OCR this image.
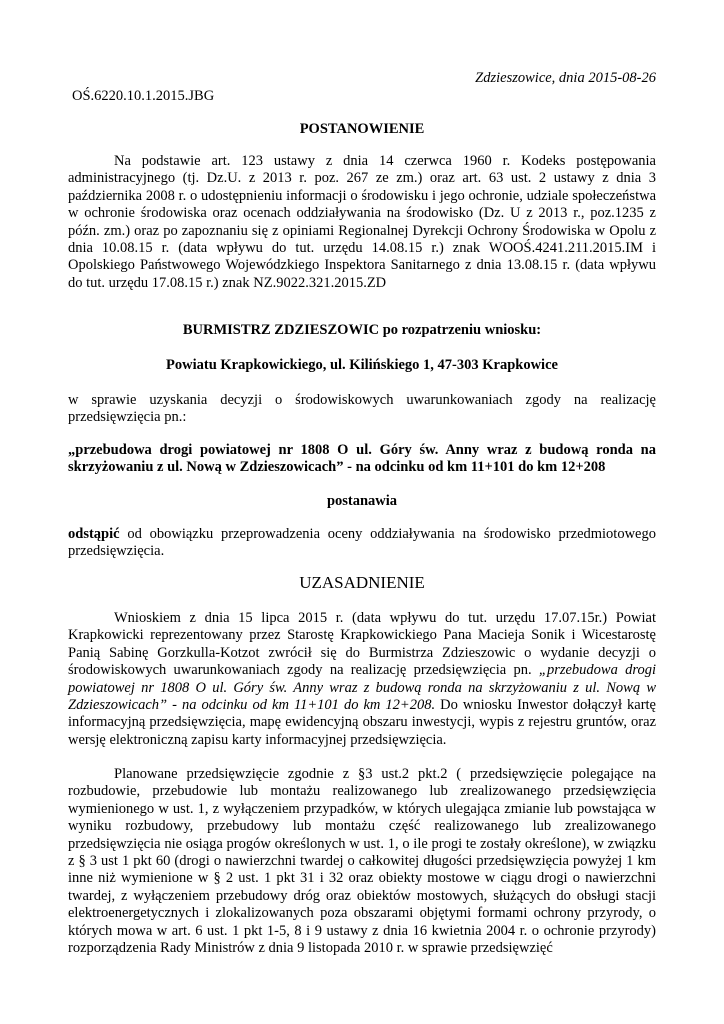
Zdzieszowice, dnia 2015-08-26

OŚ.6220.10.1.2015.JBG

POSTANOWIENIE

Na podstawie art. 123 ustawy z dnia 14 czerwca 1960 r. Kodeks postępowania administracyjnego (tj. Dz.U. z 2013 r. poz. 267 ze zm.) oraz art. 63 ust. 2 ustawy z dnia 3 października 2008 r. o udostępnieniu informacji o środowisku i jego ochronie, udziale społeczeństwa w ochronie środowiska oraz ocenach oddziaływania na środowisko (Dz. U z 2013 r., poz.1235 z późn. zm.) oraz po zapoznaniu się z opiniami Regionalnej Dyrekcji Ochrony Środowiska w Opolu z dnia 10.08.15 r. (data wpływu do tut. urzędu 14.08.15 r.) znak WOOŚ.4241.211.2015.IM i Opolskiego Państwowego Wojewódzkiego Inspektora Sanitarnego z dnia 13.08.15 r. (data wpływu do tut. urzędu 17.08.15 r.) znak NZ.9022.321.2015.ZD

BURMISTRZ ZDZIESZOWIC po rozpatrzeniu wniosku:

Powiatu Krapkowickiego, ul. Kilińskiego 1, 47-303 Krapkowice

w sprawie uzyskania decyzji o środowiskowych uwarunkowaniach zgody na realizację przedsięwzięcia pn.:

„przebudowa drogi powiatowej nr 1808 O ul. Góry św. Anny wraz z budową ronda na skrzyżowaniu z ul. Nową w Zdzieszowicach” - na odcinku od km 11+101 do km 12+208

postanawia

odstąpić od obowiązku przeprowadzenia oceny oddziaływania na środowisko przedmiotowego przedsięwzięcia.

UZASADNIENIE

Wnioskiem z dnia 15 lipca 2015 r. (data wpływu do tut. urzędu 17.07.15r.) Powiat Krapkowicki reprezentowany przez Starostę Krapkowickiego Pana Macieja Sonik i Wicestarostę Panią Sabinę Gorzkulla-Kotzot zwrócił się do Burmistrza Zdzieszowic o wydanie decyzji o środowiskowych uwarunkowaniach zgody na realizację przedsięwzięcia pn. „przebudowa drogi powiatowej nr 1808 O ul. Góry św. Anny wraz z budową ronda na skrzyżowaniu z ul. Nową w Zdzieszowicach” - na odcinku od km 11+101 do km 12+208. Do wniosku Inwestor dołączył kartę informacyjną przedsięwzięcia, mapę ewidencyjną obszaru inwestycji, wypis z rejestru gruntów, oraz wersję elektroniczną zapisu karty informacyjnej przedsięwzięcia.

Planowane przedsięwzięcie zgodnie z §3 ust.2 pkt.2 ( przedsięwzięcie polegające na rozbudowie, przebudowie lub montażu realizowanego lub zrealizowanego przedsięwzięcia wymienionego w ust. 1, z wyłączeniem przypadków, w których ulegająca zmianie lub powstająca w wyniku rozbudowy, przebudowy lub montażu część realizowanego lub zrealizowanego przedsięwzięcia nie osiąga progów określonych w ust. 1, o ile progi te zostały określone), w związku z § 3 ust 1 pkt 60 (drogi o nawierzchni twardej o całkowitej długości przedsięwzięcia powyżej 1 km inne niż wymienione w § 2 ust. 1 pkt 31 i 32 oraz obiekty mostowe w ciągu drogi o nawierzchni twardej, z wyłączeniem przebudowy dróg oraz obiektów mostowych, służących do obsługi stacji elektroenergetycznych i zlokalizowanych poza obszarami objętymi formami ochrony przyrody, o których mowa w art. 6 ust. 1 pkt 1-5, 8 i 9 ustawy z dnia 16 kwietnia 2004 r. o ochronie przyrody) rozporządzenia Rady Ministrów z dnia 9 listopada 2010 r. w sprawie przedsięwzięć
